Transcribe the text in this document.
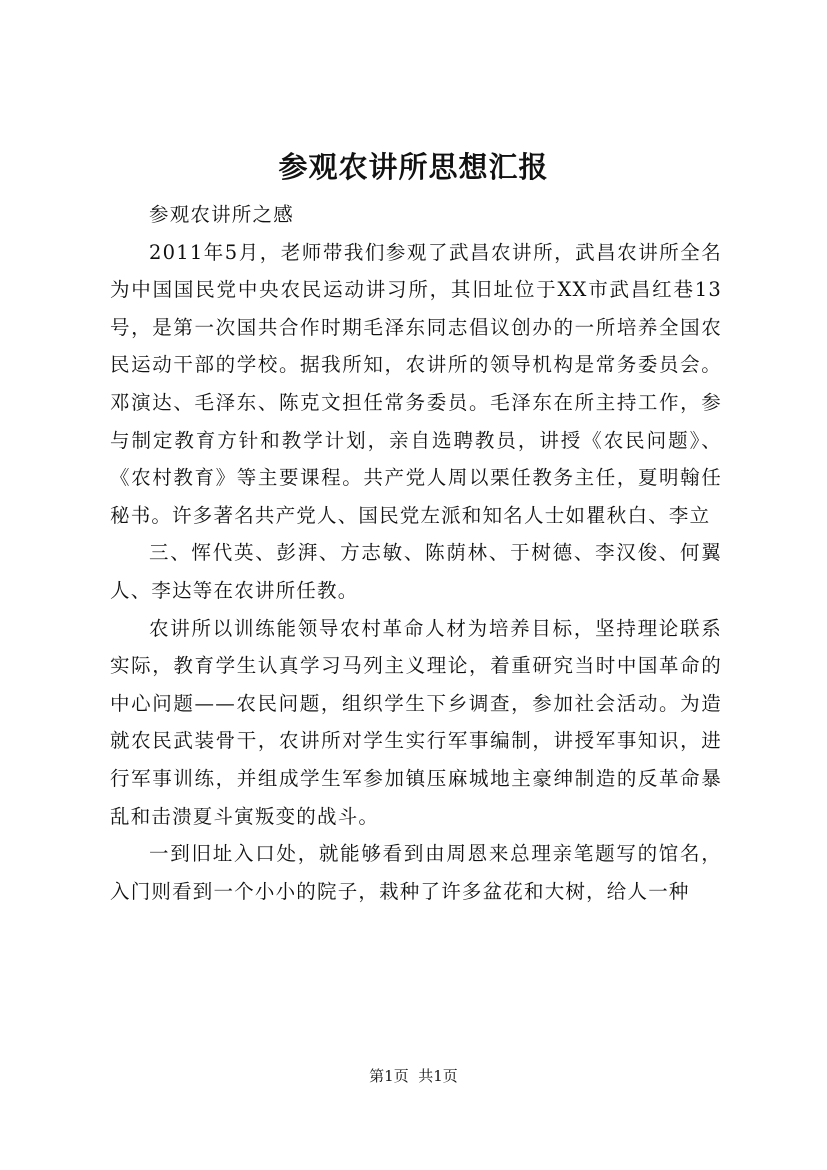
参观农讲所思想汇报

参观农讲所之感

2011年5月，老师带我们参观了武昌农讲所，武昌农讲所全名为中国国民党中央农民运动讲习所，其旧址位于XX市武昌红巷13号，是第一次国共合作时期毛泽东同志倡议创办的一所培养全国农民运动干部的学校。据我所知，农讲所的领导机构是常务委员会。邓演达、毛泽东、陈克文担任常务委员。毛泽东在所主持工作，参与制定教育方针和教学计划，亲自选聘教员，讲授《农民问题》、《农村教育》等主要课程。共产党人周以栗任教务主任，夏明翰任秘书。许多著名共产党人、国民党左派和知名人士如瞿秋白、李立

三、恽代英、彭湃、方志敏、陈荫林、于树德、李汉俊、何翼人、李达等在农讲所任教。

农讲所以训练能领导农村革命人材为培养目标，坚持理论联系实际，教育学生认真学习马列主义理论，着重研究当时中国革命的中心问题——农民问题，组织学生下乡调查，参加社会活动。为造就农民武装骨干，农讲所对学生实行军事编制，讲授军事知识，进行军事训练，并组成学生军参加镇压麻城地主豪绅制造的反革命暴乱和击溃夏斗寅叛变的战斗。

一到旧址入口处，就能够看到由周恩来总理亲笔题写的馆名，入门则看到一个小小的院子，栽种了许多盆花和大树，给人一种

第1页 共1页
